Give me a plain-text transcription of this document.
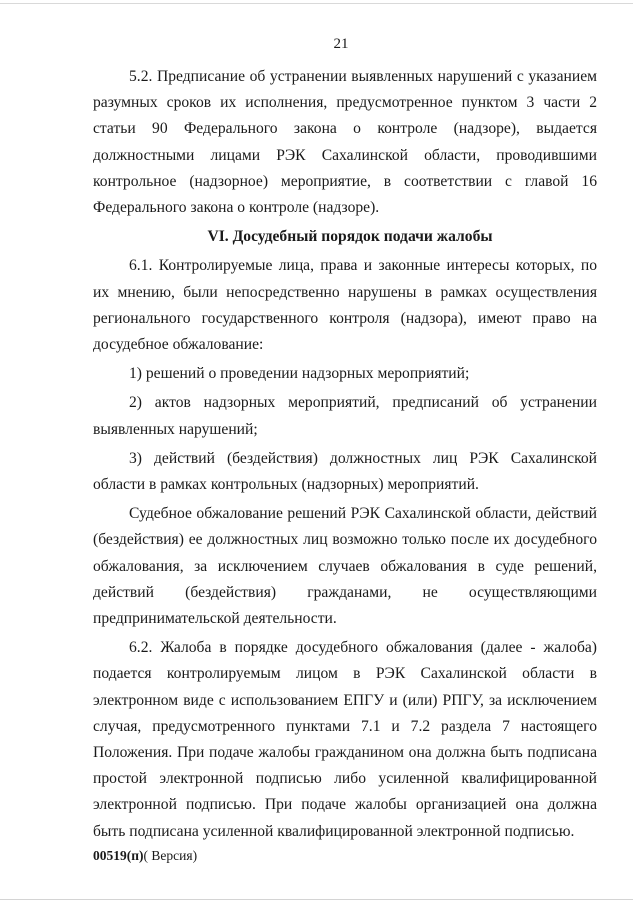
21

5.2. Предписание об устранении выявленных нарушений с указанием разумных сроков их исполнения, предусмотренное пунктом 3 части 2 статьи 90 Федерального закона о контроле (надзоре), выдается должностными лицами РЭК Сахалинской области, проводившими контрольное (надзорное) мероприятие, в соответствии с главой 16 Федерального закона о контроле (надзоре).

VI. Досудебный порядок подачи жалобы

6.1. Контролируемые лица, права и законные интересы которых, по их мнению, были непосредственно нарушены в рамках осуществления регионального государственного контроля (надзора), имеют право на досудебное обжалование:

1) решений о проведении надзорных мероприятий;

2) актов надзорных мероприятий, предписаний об устранении выявленных нарушений;

3) действий (бездействия) должностных лиц РЭК Сахалинской области в рамках контрольных (надзорных) мероприятий.

Судебное обжалование решений РЭК Сахалинской области, действий (бездействия) ее должностных лиц возможно только после их досудебного обжалования, за исключением случаев обжалования в суде решений, действий (бездействия) гражданами, не осуществляющими предпринимательской деятельности.

6.2. Жалоба в порядке досудебного обжалования (далее - жалоба) подается контролируемым лицом в РЭК Сахалинской области в электронном виде с использованием ЕПГУ и (или) РПГУ, за исключением случая, предусмотренного пунктами 7.1 и 7.2 раздела 7 настоящего Положения. При подаче жалобы гражданином она должна быть подписана простой электронной подписью либо усиленной квалифицированной электронной подписью. При подаче жалобы организацией она должна быть подписана усиленной квалифицированной электронной подписью.

00519(п)( Версия)
